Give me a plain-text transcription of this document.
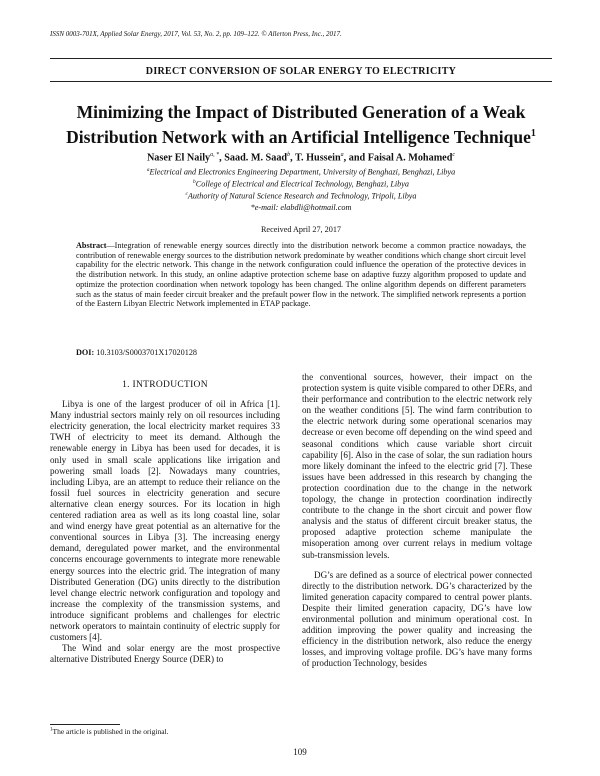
ISSN 0003-701X, Applied Solar Energy, 2017, Vol. 53, No. 2, pp. 109–122. © Allerton Press, Inc., 2017.
DIRECT CONVERSION OF SOLAR ENERGY TO ELECTRICITY
Minimizing the Impact of Distributed Generation of a Weak Distribution Network with an Artificial Intelligence Technique$^1$
Naser El Naily$^{a, *}$, Saad. M. Saad$^b$, T. Hussein$^a$, and Faisal A. Mohamed$^c$
$^a$Electrical and Electronics Engineering Department, University of Benghazi, Benghazi, Libya
$^b$College of Electrical and Electrical Technology, Benghazi, Libya
$^c$Authority of Natural Science Research and Technology, Tripoli, Libya
*e-mail: elabdli@hotmail.com
Received April 27, 2017
Abstract—Integration of renewable energy sources directly into the distribution network become a common practice nowadays, the contribution of renewable energy sources to the distribution network predominate by weather conditions which change short circuit level capability for the electric network. This change in the network configuration could influence the operation of the protective devices in the distribution network. In this study, an online adaptive protection scheme base on adaptive fuzzy algorithm proposed to update and optimize the protection coordination when network topology has been changed. The online algorithm depends on different parameters such as the status of main feeder circuit breaker and the prefault power flow in the network. The simplified network represents a portion of the Eastern Libyan Electric Network implemented in ETAP package.
DOI: 10.3103/S0003701X17020128
1. INTRODUCTION

Libya is one of the largest producer of oil in Africa [1]. Many industrial sectors mainly rely on oil resources including electricity generation, the local electricity market requires 33 TWH of electricity to meet its demand. Although the renewable energy in Libya has been used for decades, it is only used in small scale applications like irrigation and powering small loads [2]. Nowadays many countries, including Libya, are an attempt to reduce their reliance on the fossil fuel sources in electricity generation and secure alternative clean energy sources. For its location in high centered radiation area as well as its long coastal line, solar and wind energy have great potential as an alternative for the conventional sources in Libya [3]. The increasing energy demand, deregulated power market, and the environmental concerns encourage governments to integrate more renewable energy sources into the electric grid. The integration of many Distributed Generation (DG) units directly to the distribution level change electric network configuration and topology and increase the complexity of the transmission systems, and introduce significant problems and challenges for electric network operators to maintain continuity of electric supply for customers [4].

The Wind and solar energy are the most prospective alternative Distributed Energy Source (DER) to

the conventional sources, however, their impact on the protection system is quite visible compared to other DERs, and their performance and contribution to the electric network rely on the weather conditions [5]. The wind farm contribution to the electric network during some operational scenarios may decrease or even become off depending on the wind speed and seasonal conditions which cause variable short circuit capability [6]. Also in the case of solar, the sun radiation hours more likely dominant the infeed to the electric grid [7]. These issues have been addressed in this research by changing the protection coordination due to the change in the network topology, the change in protection coordination indirectly contribute to the change in the short circuit and power flow analysis and the status of different circuit breaker status, the proposed adaptive protection scheme manipulate the misoperation among over current relays in medium voltage sub-transmission levels.

DG’s are defined as a source of electrical power connected directly to the distribution network. DG’s characterized by the limited generation capacity compared to central power plants. Despite their limited generation capacity, DG’s have low environmental pollution and minimum operational cost. In addition improving the power quality and increasing the efficiency in the distribution network, also reduce the energy losses, and improving voltage profile. DG’s have many forms of production Technology, besides

$^1$The article is published in the original.
109
